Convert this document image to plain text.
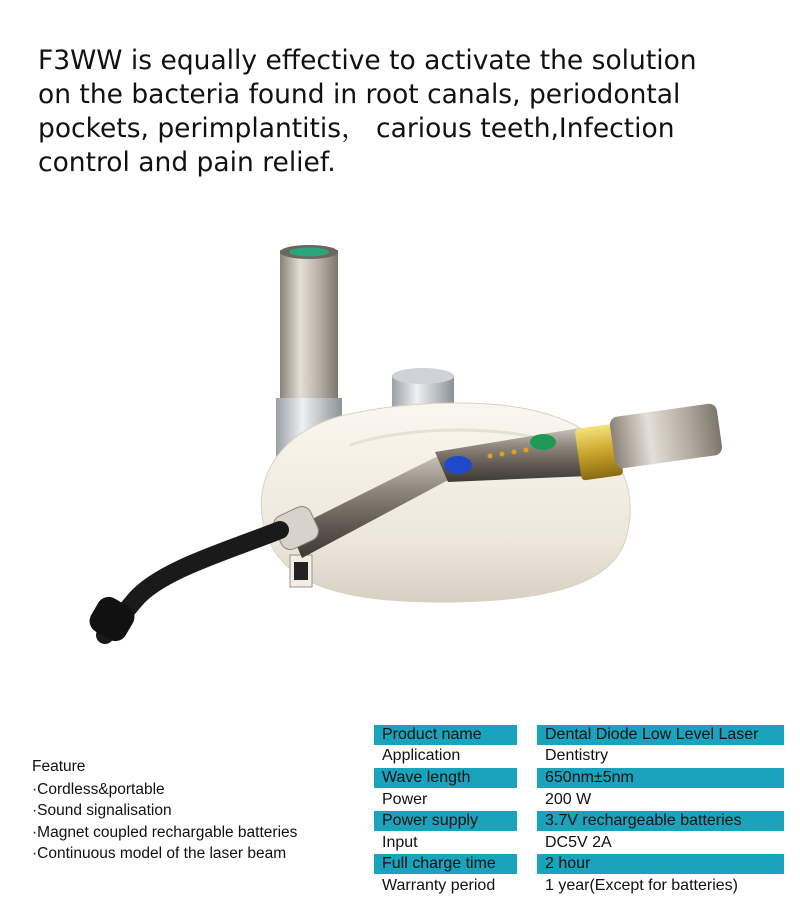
F3WW is equally effective to activate the solution
on the bacteria found in root canals, periodontal
pockets, perimplantitis， carious teeth,Infection
control and pain relief.
Feature
·Cordless&portable
·Sound signalisation
·Magnet coupled rechargable batteries
·Continuous model of the laser beam
Product name	Dental Diode Low Level Laser
Application	Dentistry
Wave length	650nm±5nm
Power	200 W
Power supply	3.7V rechargeable batteries
Input	DC5V 2A
Full charge time	2 hour
Warranty period	1 year(Except for batteries)
